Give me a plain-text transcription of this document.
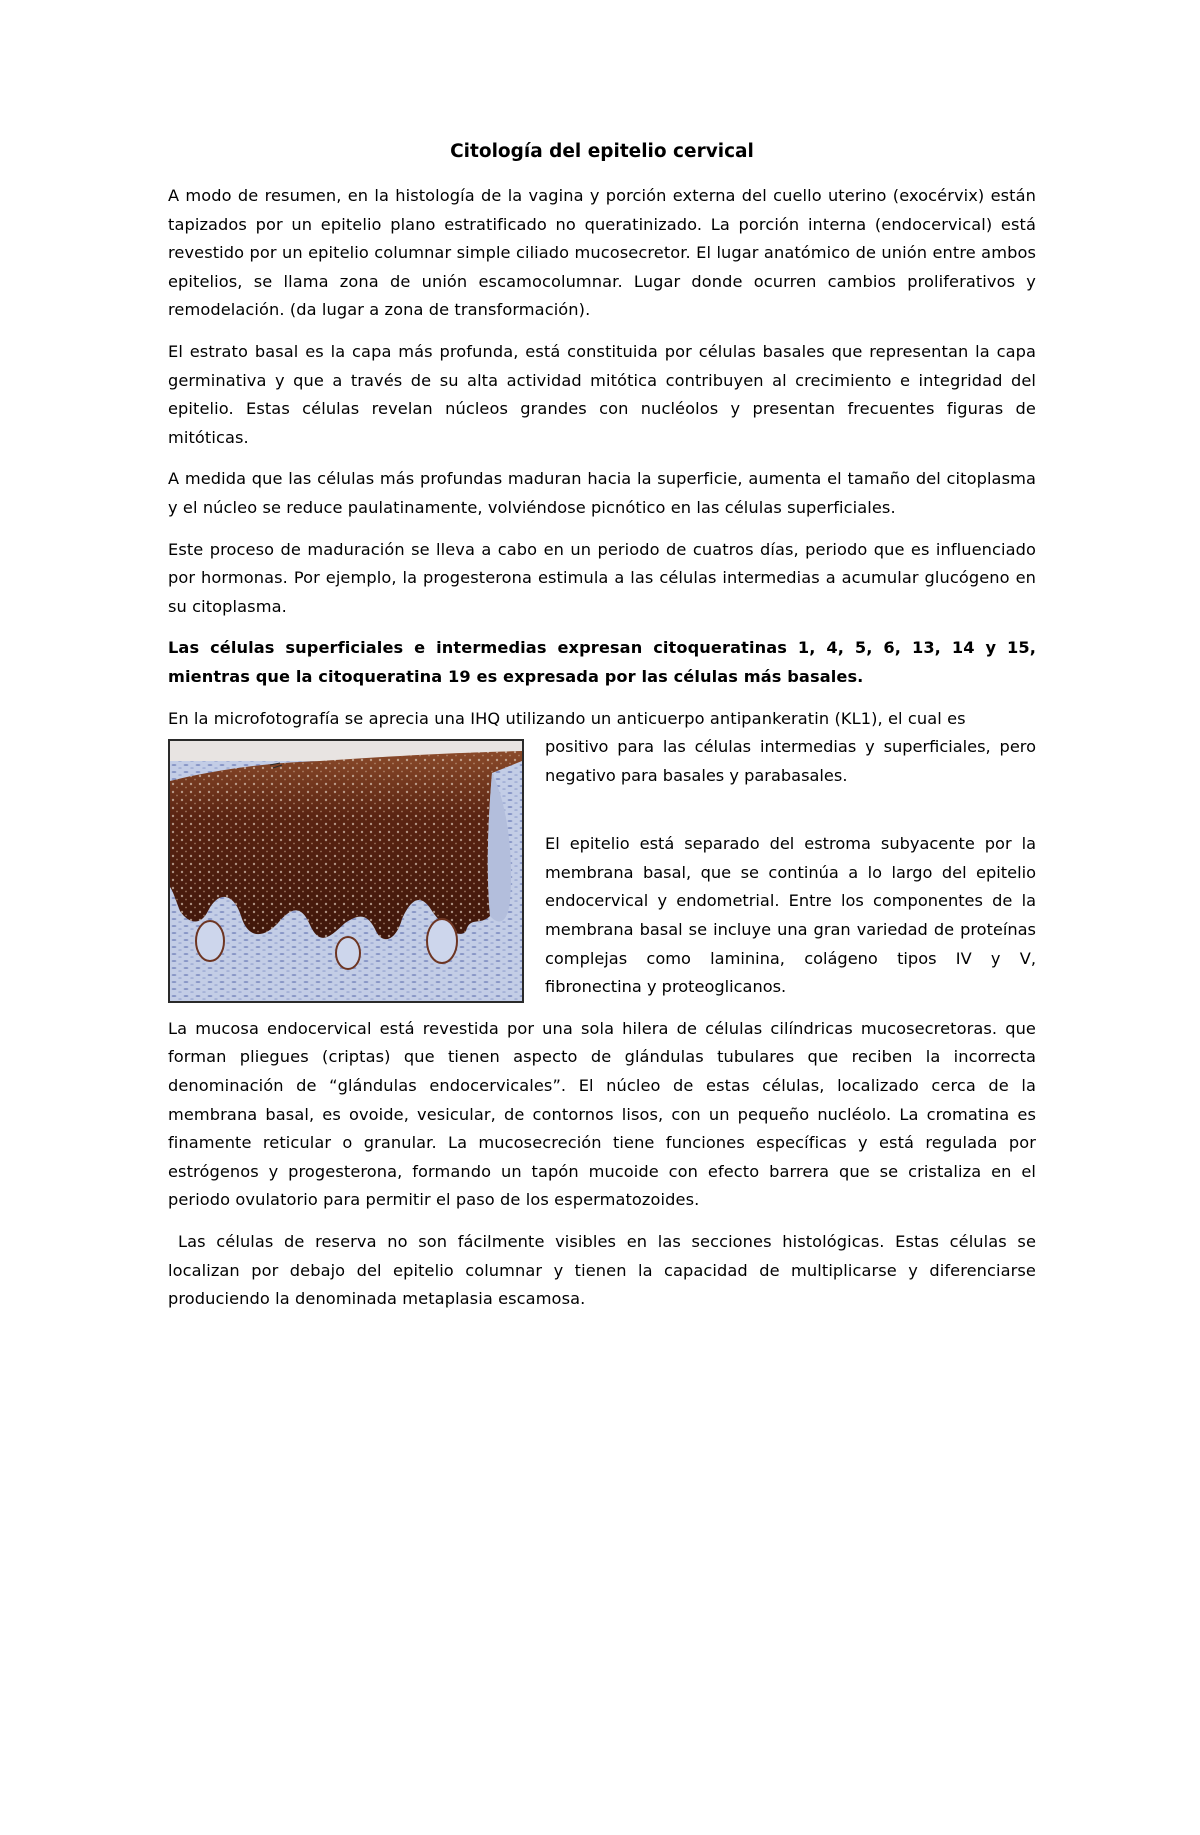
Citología del epitelio cervical

A modo de resumen, en la histología de la vagina y porción externa del cuello uterino (exocérvix) están tapizados por un epitelio plano estratificado no queratinizado. La porción interna (endocervical) está revestido por un epitelio columnar simple ciliado mucosecretor. El lugar anatómico de unión entre ambos epitelios, se llama zona de unión escamocolumnar. Lugar donde ocurren cambios proliferativos y remodelación. (da lugar a zona de transformación).

El estrato basal es la capa más profunda, está constituida por células basales que representan la capa germinativa y que a través de su alta actividad mitótica contribuyen al crecimiento e integridad del epitelio. Estas células revelan núcleos grandes con nucléolos y presentan frecuentes figuras de mitóticas.

A medida que las células más profundas maduran hacia la superficie, aumenta el tamaño del citoplasma y el núcleo se reduce paulatinamente, volviéndose picnótico en las células superficiales.

Este proceso de maduración se lleva a cabo en un periodo de cuatros días, periodo que es influenciado por hormonas. Por ejemplo, la progesterona estimula a las células intermedias a acumular glucógeno en su citoplasma.

Las células superficiales e intermedias expresan citoqueratinas 1, 4, 5, 6, 13, 14 y 15, mientras que la citoqueratina 19 es expresada por las células más basales.

En la microfotografía se aprecia una IHQ utilizando un anticuerpo antipankeratin (KL1), el cual es

positivo para las células intermedias y superficiales, pero negativo para basales y parabasales.

El epitelio está separado del estroma subyacente por la membrana basal, que se continúa a lo largo del epitelio endocervical y endometrial. Entre los componentes de la membrana basal se incluye una gran variedad de proteínas complejas como laminina, colágeno tipos IV y V, fibronectina y proteoglicanos.

La mucosa endocervical está revestida por una sola hilera de células cilíndricas mucosecretoras. que forman pliegues (criptas) que tienen aspecto de glándulas tubulares que reciben la incorrecta denominación de “glándulas endocervicales”. El núcleo de estas células, localizado cerca de la membrana basal, es ovoide, vesicular, de contornos lisos, con un pequeño nucléolo. La cromatina es finamente reticular o granular. La mucosecreción tiene funciones específicas y está regulada por estrógenos y progesterona, formando un tapón mucoide con efecto barrera que se cristaliza en el periodo ovulatorio para permitir el paso de los espermatozoides.

Las células de reserva no son fácilmente visibles en las secciones histológicas. Estas células se localizan por debajo del epitelio columnar y tienen la capacidad de multiplicarse y diferenciarse produciendo la denominada metaplasia escamosa.
